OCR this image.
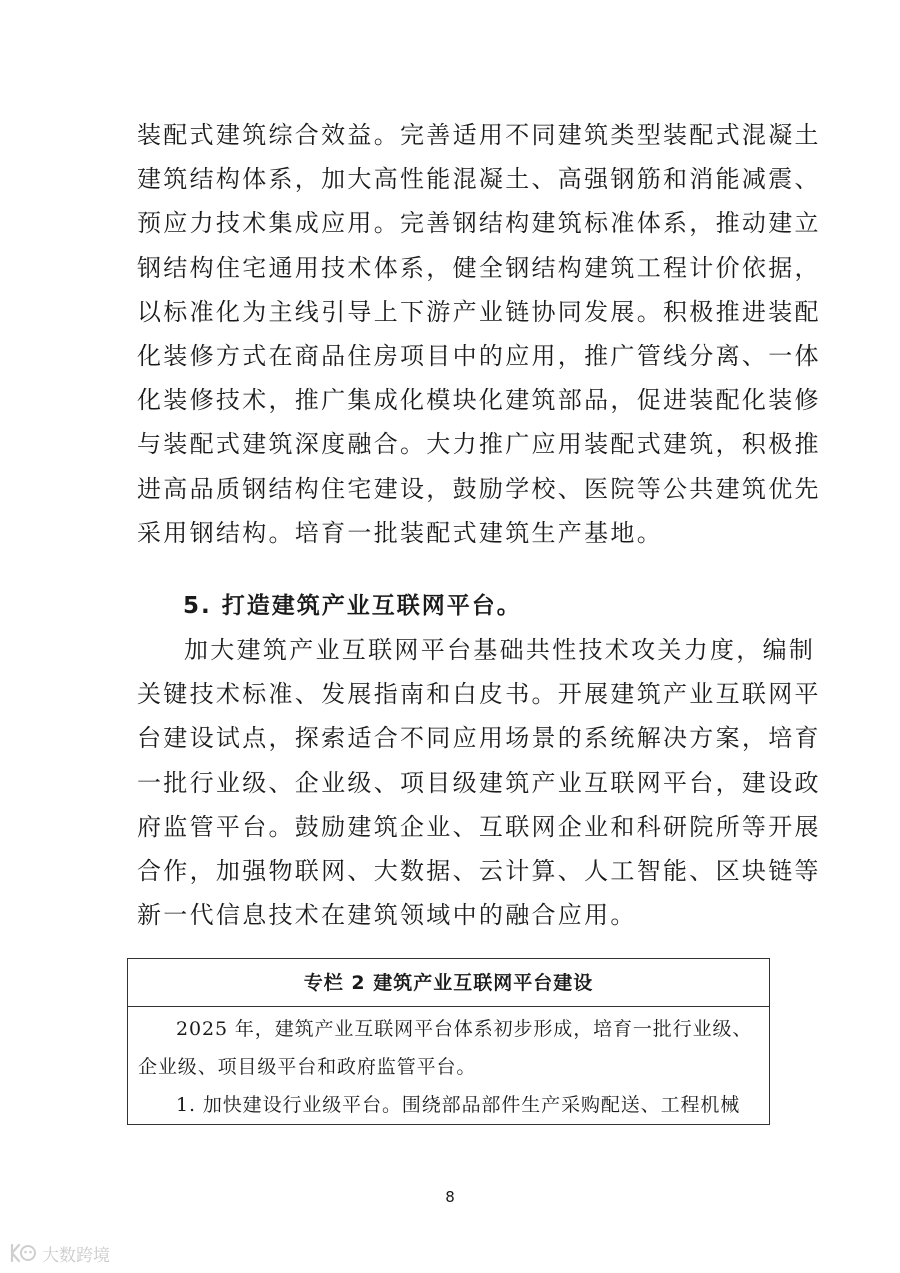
装配式建筑综合效益。完善适用不同建筑类型装配式混凝土

建筑结构体系，加大高性能混凝土、高强钢筋和消能减震、

预应力技术集成应用。完善钢结构建筑标准体系，推动建立

钢结构住宅通用技术体系，健全钢结构建筑工程计价依据，

以标准化为主线引导上下游产业链协同发展。积极推进装配

化装修方式在商品住房项目中的应用，推广管线分离、一体

化装修技术，推广集成化模块化建筑部品，促进装配化装修

与装配式建筑深度融合。大力推广应用装配式建筑，积极推

进高品质钢结构住宅建设，鼓励学校、医院等公共建筑优先

采用钢结构。培育一批装配式建筑生产基地。

5. 打造建筑产业互联网平台。

加大建筑产业互联网平台基础共性技术攻关力度，编制

关键技术标准、发展指南和白皮书。开展建筑产业互联网平

台建设试点，探索适合不同应用场景的系统解决方案，培育

一批行业级、企业级、项目级建筑产业互联网平台，建设政

府监管平台。鼓励建筑企业、互联网企业和科研院所等开展

合作，加强物联网、大数据、云计算、人工智能、区块链等

新一代信息技术在建筑领域中的融合应用。

专栏 2 建筑产业互联网平台建设

2025 年，建筑产业互联网平台体系初步形成，培育一批行业级、

企业级、项目级平台和政府监管平台。

1. 加快建设行业级平台。围绕部品部件生产采购配送、工程机械

8
大数跨境
